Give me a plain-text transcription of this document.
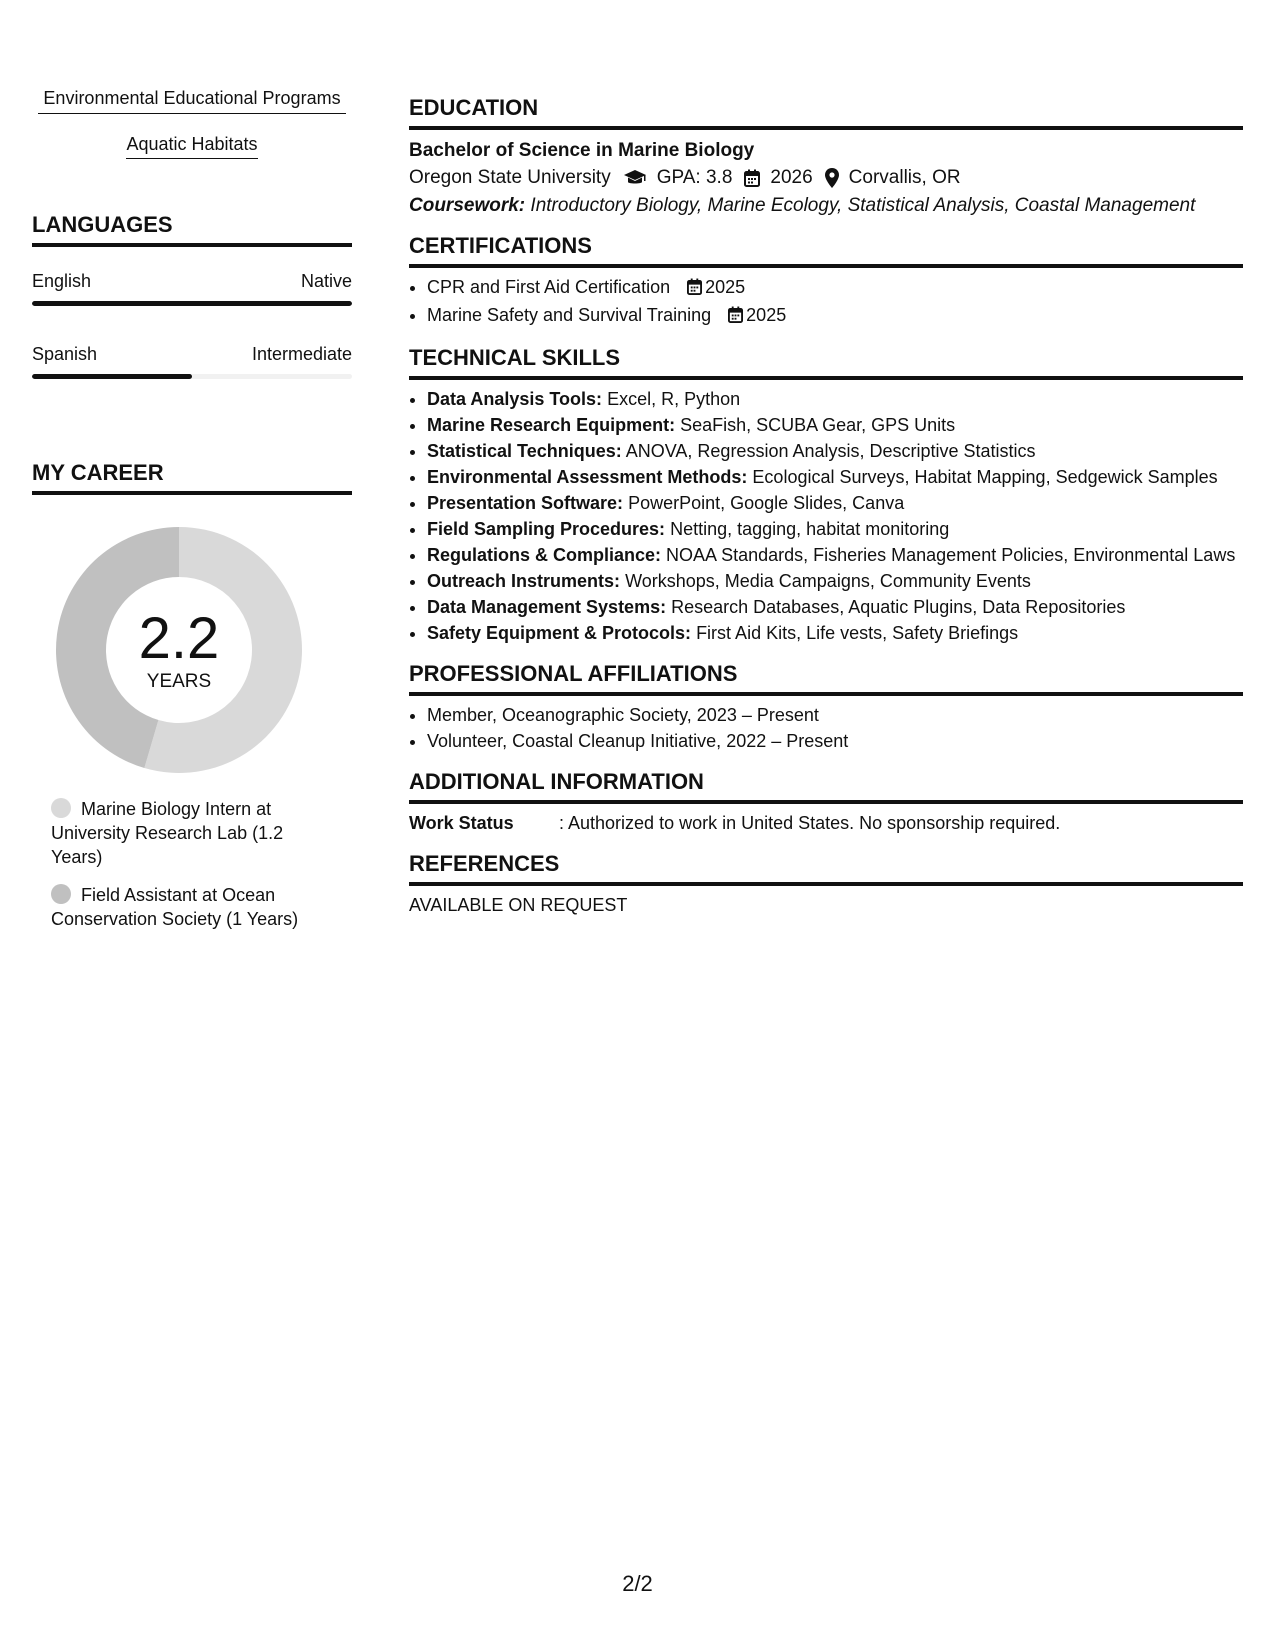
Environmental Educational Programs
Aquatic Habitats
LANGUAGES
English	Native
Spanish	Intermediate
MY CAREER
2.2
YEARS
Marine Biology Intern at University Research Lab (1.2 Years)
Field Assistant at Ocean Conservation Society (1 Years)
EDUCATION
Bachelor of Science in Marine Biology
Oregon State University GPA: 3.8 2026 Corvallis, OR
Coursework: Introductory Biology, Marine Ecology, Statistical Analysis, Coastal Management
CERTIFICATIONS
• CPR and First Aid Certification 2025
• Marine Safety and Survival Training 2025
TECHNICAL SKILLS
• Data Analysis Tools: Excel, R, Python
• Marine Research Equipment: SeaFish, SCUBA Gear, GPS Units
• Statistical Techniques: ANOVA, Regression Analysis, Descriptive Statistics
• Environmental Assessment Methods: Ecological Surveys, Habitat Mapping, Sedgewick Samples
• Presentation Software: PowerPoint, Google Slides, Canva
• Field Sampling Procedures: Netting, tagging, habitat monitoring
• Regulations & Compliance: NOAA Standards, Fisheries Management Policies, Environmental Laws
• Outreach Instruments: Workshops, Media Campaigns, Community Events
• Data Management Systems: Research Databases, Aquatic Plugins, Data Repositories
• Safety Equipment & Protocols: First Aid Kits, Life vests, Safety Briefings
PROFESSIONAL AFFILIATIONS
• Member, Oceanographic Society, 2023 – Present
• Volunteer, Coastal Cleanup Initiative, 2022 – Present
ADDITIONAL INFORMATION
Work Status	: Authorized to work in United States. No sponsorship required.
REFERENCES
AVAILABLE ON REQUEST
2/2
